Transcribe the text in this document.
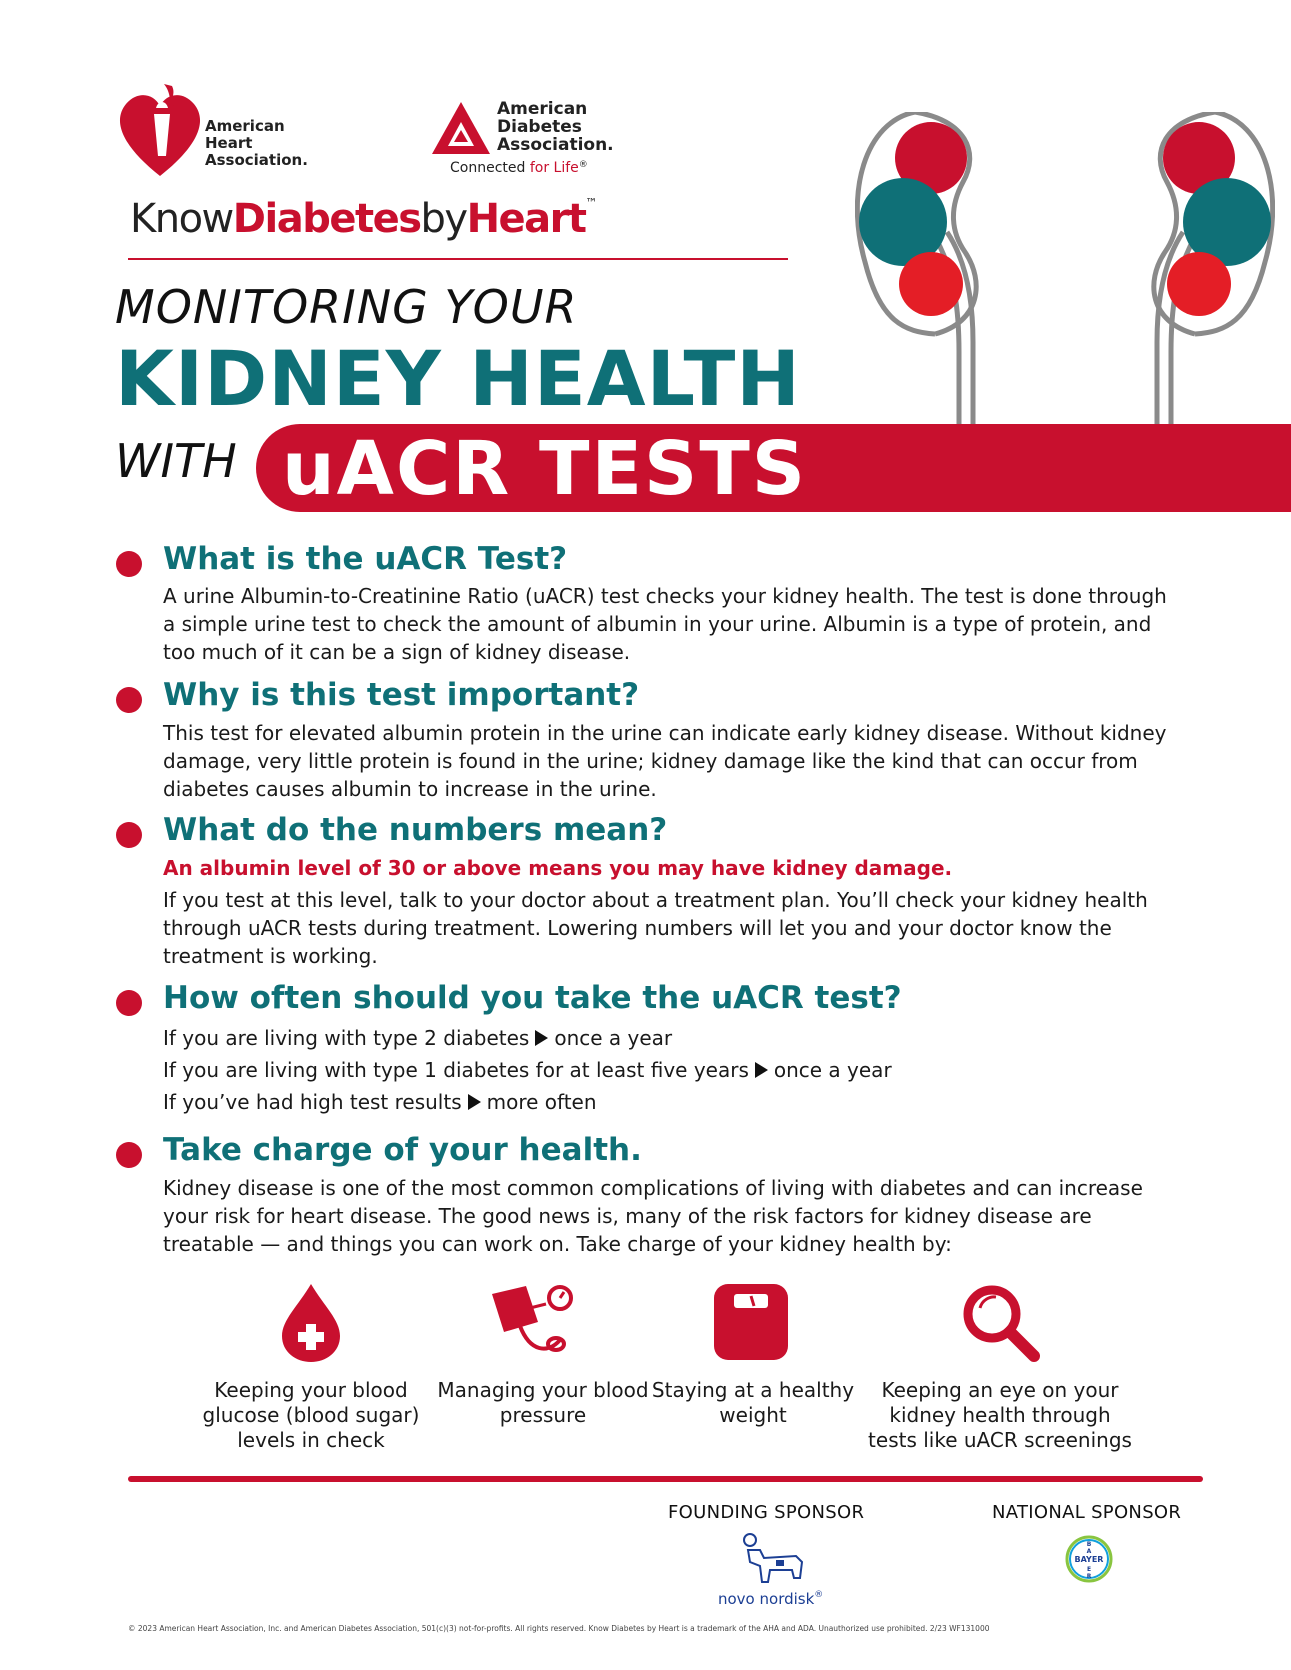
American
Heart
Association.
American
Diabetes
Association.
Connected for Life®
KnowDiabetesbyHeart™
MONITORING YOUR
KIDNEY HEALTH
WITH uACR TESTS
What is the uACR Test?
A urine Albumin-to-Creatinine Ratio (uACR) test checks your kidney health. The test is done through a simple urine test to check the amount of albumin in your urine. Albumin is a type of protein, and too much of it can be a sign of kidney disease.
Why is this test important?
This test for elevated albumin protein in the urine can indicate early kidney disease. Without kidney damage, very little protein is found in the urine; kidney damage like the kind that can occur from diabetes causes albumin to increase in the urine.
What do the numbers mean?
An albumin level of 30 or above means you may have kidney damage.
If you test at this level, talk to your doctor about a treatment plan. You’ll check your kidney health through uACR tests during treatment. Lowering numbers will let you and your doctor know the treatment is working.
How often should you take the uACR test?
If you are living with type 2 diabetes once a year
If you are living with type 1 diabetes for at least five years once a year
If you’ve had high test results more often
Take charge of your health.
Kidney disease is one of the most common complications of living with diabetes and can increase your risk for heart disease. The good news is, many of the risk factors for kidney disease are treatable — and things you can work on. Take charge of your kidney health by:
Keeping your blood glucose (blood sugar) levels in check
Managing your blood pressure
Staying at a healthy weight
Keeping an eye on your kidney health through tests like uACR screenings
FOUNDING SPONSOR	NATIONAL SPONSOR
novo nordisk®
BAYER
B
A
E
R
© 2023 American Heart Association, Inc. and American Diabetes Association, 501(c)(3) not-for-profits. All rights reserved. Know Diabetes by Heart is a trademark of the AHA and ADA. Unauthorized use prohibited. 2/23 WF131000
